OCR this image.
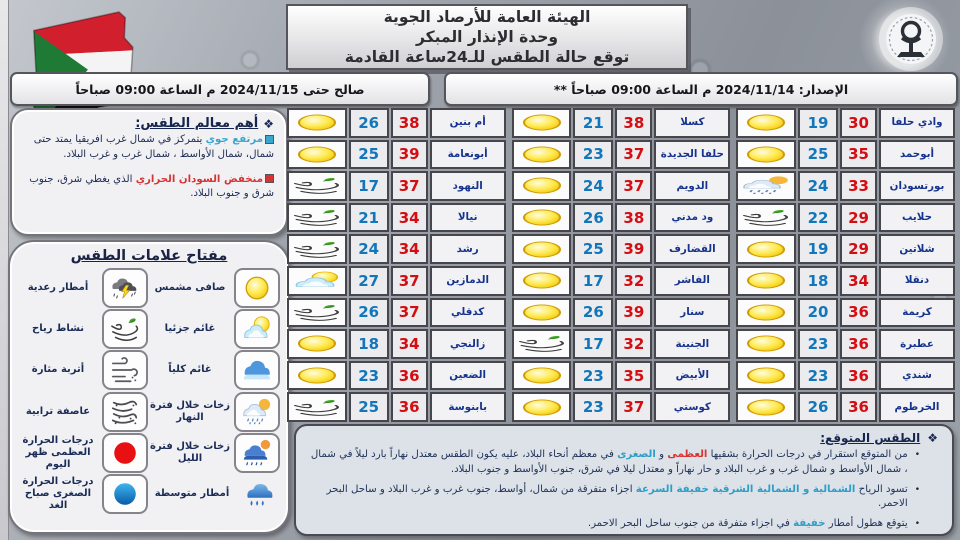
الهيئة العامة للأرصاد الجوية
وحدة الإنذار المبكر
توقع حالة الطقس للـ24ساعة القادمة
الإصدار: 2024/11/14 م الساعة 09:00 صباحاً **
صالح حتى 2024/11/15 م الساعة 09:00 صباحاً
❖
أهم معالم الطقس:
مرتفع جوي يتمركز في شمال غرب افريقيا يمتد حتى شمال، شمال الأواسط ، شمال غرب و غرب البلاد.
منخفض السودان الحراري الذي يغطي شرق، جنوب شرق و جنوب البلاد.
مفتاح علامات الطقس
صافى مشمس
غائم جزئيا
غائم كلياً
زخات خلال فترة النهار
زخات خلال فترة الليل
أمطار متوسطة
أمطار رعدية
نشاط رياح
أتربة مثارة
عاصفة ترابية
درجات الحرارة العظمى ظهر اليوم
درجات الحرارة الصغرى صباح الغد
وادي حلفا
30
19
أبوحمد
35
25
بورتسودان
33
24
حلايب
29
22
شلاتين
29
19
دنقلا
34
18
كريمة
36
20
عطبرة
36
23
شندي
36
23
الخرطوم
36
26
كسلا
38
21
حلفا الجديدة
37
23
الدويم
37
24
ود مدني
38
26
القضارف
39
25
الفاشر
32
17
سنار
39
26
الجنينة
32
17
الأبيض
35
23
كوستي
37
23
أم بنين
38
26
أبونعامة
39
25
النهود
37
17
نيالا
34
21
رشد
34
24
الدمازين
37
27
كدقلي
37
26
زالنجي
34
18
الضعين
36
23
بابنوسة
36
25
❖
الطقس المتوقع:
•
من المتوقع استقرار في درجات الحرارة بشقيها العظمى و الصغرى في معظم أنحاء البلاد، عليه يكون الطقس معتدل نهاراً بارد ليلاً في شمال ، شمال الأواسط و شمال غرب و غرب البلاد و حار نهاراً و معتدل ليلا في شرق، جنوب الأواسط و جنوب البلاد.
•
تسود الرياح الشمالية و الشمالية الشرقية خفيفة السرعة اجزاء متفرقة من شمال، أواسط، جنوب غرب و غرب البلاد و ساحل البحر الاحمر.
•
يتوقع هطول أمطار خفيفة في اجزاء متفرقة من جنوب ساحل البحر الاحمر.
